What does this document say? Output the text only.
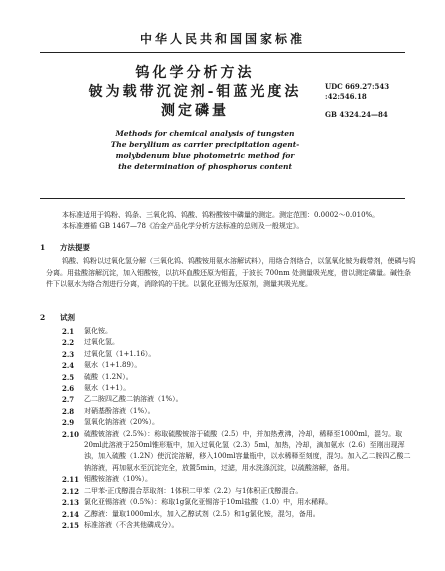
中华人民共和国国家标准
钨化学分析方法
铍为载带沉淀剂-钼蓝光度法
测定磷量
UDC 669.27:543
:42:546.18
GB 4324.24—84
Methods for chemical analysis of tungsten
The beryllium as carrier precipitation agent-
molybdenum blue photometric method for
the determination of phosphorus content
本标准适用于钨粉、钨条、三氧化钨、钨酸、钨粉酸铵中磷量的测定。测定范围：0.0002～0.010%。
本标准遵循 GB 1467—78《冶金产品化学分析方法标准的总则及一般规定》。
1 方法提要
钨酸、钨粉以过氧化氢分解（三氧化钨、钨酸铵用氨水溶解试料），用络合剂络合，以氢氧化铍为载带剂，使磷与钨分离。用盐酸溶解沉淀，加入钼酸铵，以抗坏血酸还原为钼蓝，于波长 700nm 处测量吸光度，借以测定磷量。碱性条件下以氨水为络合剂进行分离，消除钨的干扰。以氯化亚锡为还原剂，测量其吸光度。
2 试剂
2.1	氯化铵。
2.2	过氧化氢。
2.3	过氧化氢（1+1.16）。
2.4	氨水（1+1.89）。
2.5	硫酸（1.2N）。
2.6	氨水（1+1）。
2.7	乙二胺四乙酸二钠溶液（1%）。
2.8	对硝基酚溶液（1%）。
2.9	氢氧化钠溶液（20%）。
2.10 硫酸铍溶液（2.5%）：称取硫酸铍溶于硫酸（2.5）中，并加热煮沸，冷却，稀释至1000ml，混匀。取20ml此溶液于250ml锥形瓶中，加入过氧化氢（2.3）5ml，加热，冷却，滴加氨水（2.6）至刚出现浑浊，加入硫酸（1.2N）使沉淀溶解，移入100ml容量瓶中，以水稀释至刻度，混匀。加入乙二胺四乙酸二钠溶液，再加氨水至沉淀完全，放置5min，过滤，用水洗涤沉淀，以硫酸溶解，备用。
2.11 钼酸铵溶液（10%）。
2.12 二甲苯-正戊醇混合萃取剂：1体积二甲苯（2.2）与1体积正戊醇混合。
2.13 氯化亚锡溶液（0.5%）：称取1g氯化亚锡溶于10ml盐酸（1.0）中，用水稀释。
2.14 乙醇液：量取1000ml水，加入乙醇试剂（2.5）和1g氯化铵，混匀，备用。
2.15 标准溶液（不含其他磷成分）。
